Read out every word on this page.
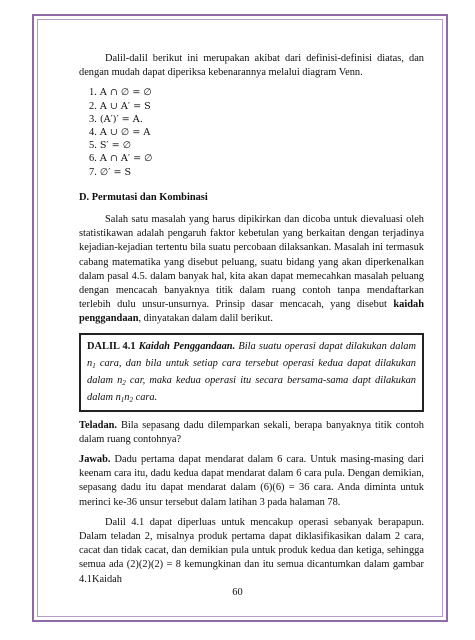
Dalil-dalil berikut ini merupakan akibat dari definisi-definisi diatas, dan dengan mudah dapat diperiksa kebenarannya melalui diagram Venn.

1. A ∩ ∅ = ∅
2. A ∪ A′ = S
3. (A′)′ = A.
4. A ∪ ∅ = A
5. S′ = ∅
6. A ∩ A′ = ∅
7. ∅′ = S

D. Permutasi dan Kombinasi

Salah satu masalah yang harus dipikirkan dan dicoba untuk dievaluasi oleh statistikawan adalah pengaruh faktor kebetulan yang berkaitan dengan terjadinya kejadian-kejadian tertentu bila suatu percobaan dilaksankan. Masalah ini termasuk cabang matematika yang disebut peluang, suatu bidang yang akan diperkenalkan dalam pasal 4.5. dalam banyak hal, kita akan dapat memecahkan masalah peluang dengan mencacah banyaknya titik dalam ruang contoh tanpa mendaftarkan terlebih dulu unsur-unsurnya. Prinsip dasar mencacah, yang disebut kaidah penggandaan, dinyatakan dalam dalil berikut.

DALIL 4.1 Kaidah Penggandaan. Bila suatu operasi dapat dilakukan dalam $n_1$ cara, dan bila untuk setiap cara tersebut operasi kedua dapat dilakukan dalam $n_2$ car, maka kedua operasi itu secara bersama-sama dapt dilakukan dalam $n_1n_2$ cara.

Teladan. Bila sepasang dadu dilemparkan sekali, berapa banyaknya titik contoh dalam ruang contohnya?

Jawab. Dadu pertama dapat mendarat dalam 6 cara. Untuk masing-masing dari keenam cara itu, dadu kedua dapat mendarat dalam 6 cara pula. Dengan demikian, sepasang dadu itu dapat mendarat dalam (6)(6) = 36 cara. Anda diminta untuk merinci ke-36 unsur tersebut dalam latihan 3 pada halaman 78.

Dalil 4.1 dapat diperluas untuk mencakup operasi sebanyak berapapun. Dalam teladan 2, misalnya produk pertama dapat diklasifikasikan dalam 2 cara, cacat dan tidak cacat, dan demikian pula untuk produk kedua dan ketiga, sehingga semua ada (2)(2)(2) = 8 kemungkinan dan itu semua dicantumkan dalam gambar 4.1Kaidah

60
